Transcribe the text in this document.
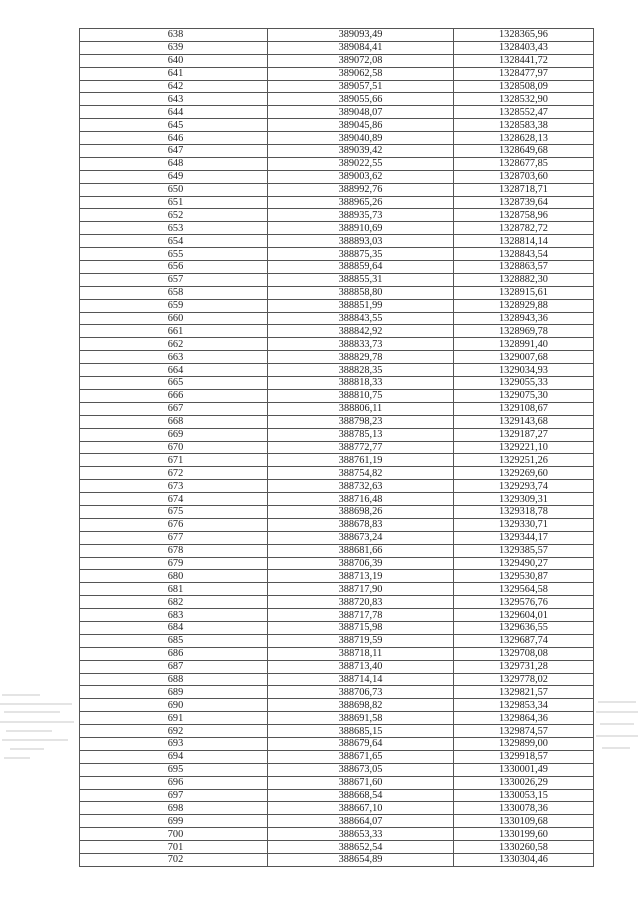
638	389093,49	1328365,96
639	389084,41	1328403,43
640	389072,08	1328441,72
641	389062,58	1328477,97
642	389057,51	1328508,09
643	389055,66	1328532,90
644	389048,07	1328552,47
645	389045,86	1328583,38
646	389040,89	1328628,13
647	389039,42	1328649,68
648	389022,55	1328677,85
649	389003,62	1328703,60
650	388992,76	1328718,71
651	388965,26	1328739,64
652	388935,73	1328758,96
653	388910,69	1328782,72
654	388893,03	1328814,14
655	388875,35	1328843,54
656	388859,64	1328863,57
657	388855,31	1328882,30
658	388858,80	1328915,61
659	388851,99	1328929,88
660	388843,55	1328943,36
661	388842,92	1328969,78
662	388833,73	1328991,40
663	388829,78	1329007,68
664	388828,35	1329034,93
665	388818,33	1329055,33
666	388810,75	1329075,30
667	388806,11	1329108,67
668	388798,23	1329143,68
669	388785,13	1329187,27
670	388772,77	1329221,10
671	388761,19	1329251,26
672	388754,82	1329269,60
673	388732,63	1329293,74
674	388716,48	1329309,31
675	388698,26	1329318,78
676	388678,83	1329330,71
677	388673,24	1329344,17
678	388681,66	1329385,57
679	388706,39	1329490,27
680	388713,19	1329530,87
681	388717,90	1329564,58
682	388720,83	1329576,76
683	388717,78	1329604,01
684	388715,98	1329636,55
685	388719,59	1329687,74
686	388718,11	1329708,08
687	388713,40	1329731,28
688	388714,14	1329778,02
689	388706,73	1329821,57
690	388698,82	1329853,34
691	388691,58	1329864,36
692	388685,15	1329874,57
693	388679,64	1329899,00
694	388671,65	1329918,57
695	388673,05	1330001,49
696	388671,60	1330026,29
697	388668,54	1330053,15
698	388667,10	1330078,36
699	388664,07	1330109,68
700	388653,33	1330199,60
701	388652,54	1330260,58
702	388654,89	1330304,46
